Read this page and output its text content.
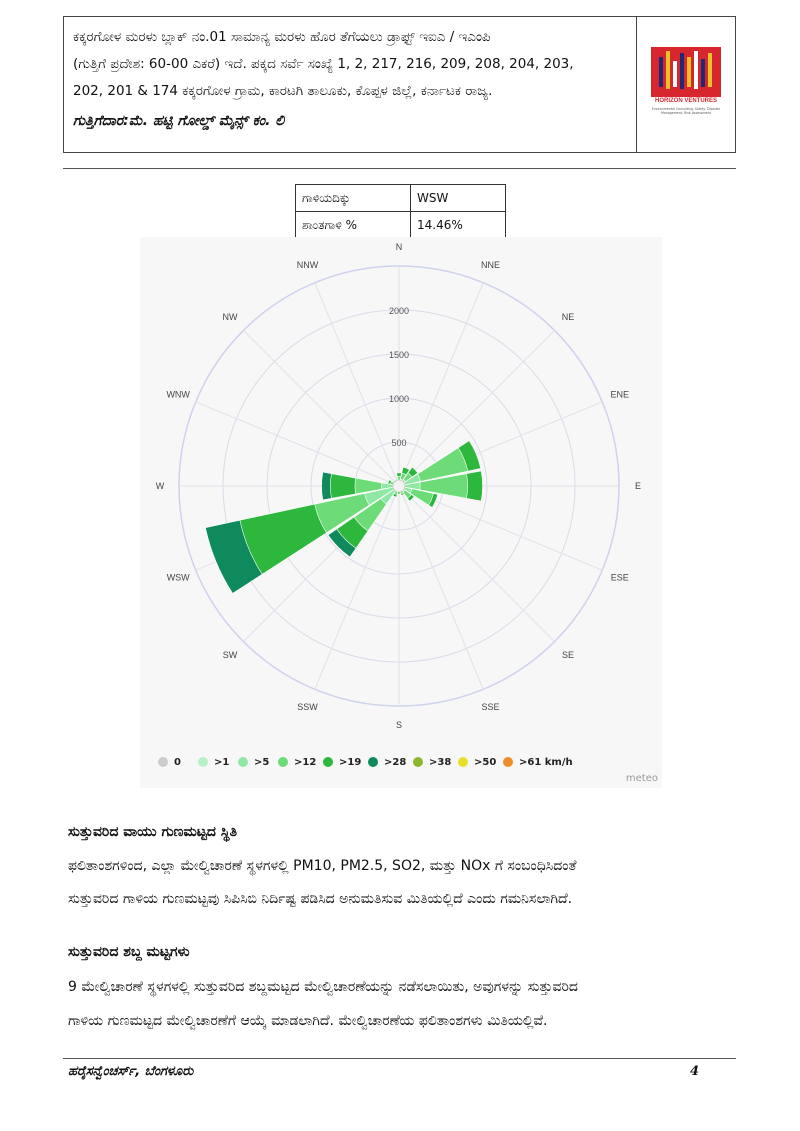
ಕಕ್ಕರಗೋಳ ಮರಳು ಬ್ಲಾಕ್ ನಂ.01 ಸಾಮಾನ್ಯ ಮರಳು ಹೊರ ತೆಗೆಯಲು ಡ್ರಾಫ್ಟ್ ಇಐಎ / ಇಎಂಪಿ
(ಗುತ್ತಿಗೆ ಪ್ರದೇಶ: 60-00 ಎಕರೆ) ಇದೆ. ಪಕ್ಕದ ಸರ್ವೆ ಸಂಖ್ಯೆ 1, 2, 217, 216, 209, 208, 204, 203,
202, 201 & 174 ಕಕ್ಕರಗೋಳ ಗ್ರಾಮ, ಕಾರಟಗಿ ತಾಲೂಕು, ಕೊಪ್ಪಳ ಜಿಲ್ಲೆ, ಕರ್ನಾಟಕ ರಾಜ್ಯ.
ಗುತ್ತಿಗೆದಾರ:ಮೆ. ಹಟ್ಟಿ ಗೋಲ್ಡ್ ಮೈನ್ಸ್ ಕಂ. ಲಿ
HORIZON VENTURES
Environmental Consulting, Safety, Disaster Management, Risk Assessment
ಗಾಳಿಯದಿಕ್ಕು	WSW
ಶಾಂತಗಾಳಿ %	14.46%
N
NNE
NE
ENE
E
ESE
SE
SSE
S
SSW
SW
WSW
W
WNW
NW
NNW
500
1000
1500
2000
0	>1 >5 >12 >19 >28 >38 >50 >61 km/h
meteo
ಸುತ್ತುವರಿದ ವಾಯು ಗುಣಮಟ್ಟದ ಸ್ಥಿತಿ
ಫಲಿತಾಂಶಗಳಿಂದ, ಎಲ್ಲಾ ಮೇಲ್ವಿಚಾರಣೆ ಸ್ಥಳಗಳಲ್ಲಿ PM10, PM2.5, SO2, ಮತ್ತು NOx ಗೆ ಸಂಬಂಧಿಸಿದಂತೆ
ಸುತ್ತುವರಿದ ಗಾಳಿಯ ಗುಣಮಟ್ಟವು ಸಿಪಿಸಿಬಿ ನಿರ್ದಿಷ್ಟ ಪಡಿಸಿದ ಅನುಮತಿಸುವ ಮಿತಿಯಲ್ಲಿದೆ ಎಂದು ಗಮನಿಸಲಾಗಿದೆ.
ಸುತ್ತುವರಿದ ಶಬ್ದ ಮಟ್ಟಗಳು
9 ಮೇಲ್ವಿಚಾರಣೆ ಸ್ಥಳಗಳಲ್ಲಿ ಸುತ್ತುವರಿದ ಶಬ್ದಮಟ್ಟದ ಮೇಲ್ವಿಚಾರಣೆಯನ್ನು ನಡೆಸಲಾಯಿತು, ಅವುಗಳನ್ನು ಸುತ್ತುವರಿದ
ಗಾಳಿಯ ಗುಣಮಟ್ಟದ ಮೇಲ್ವಿಚಾರಣೆಗೆ ಆಯ್ಕೆ ಮಾಡಲಾಗಿದೆ. ಮೇಲ್ವಿಚಾರಣೆಯ ಫಲಿತಾಂಶಗಳು ಮಿತಿಯಲ್ಲಿವೆ.
ಹರೈಸನ್ವೆಂಚರ್ಸ್, ಬೆಂಗಳೂರು	4
